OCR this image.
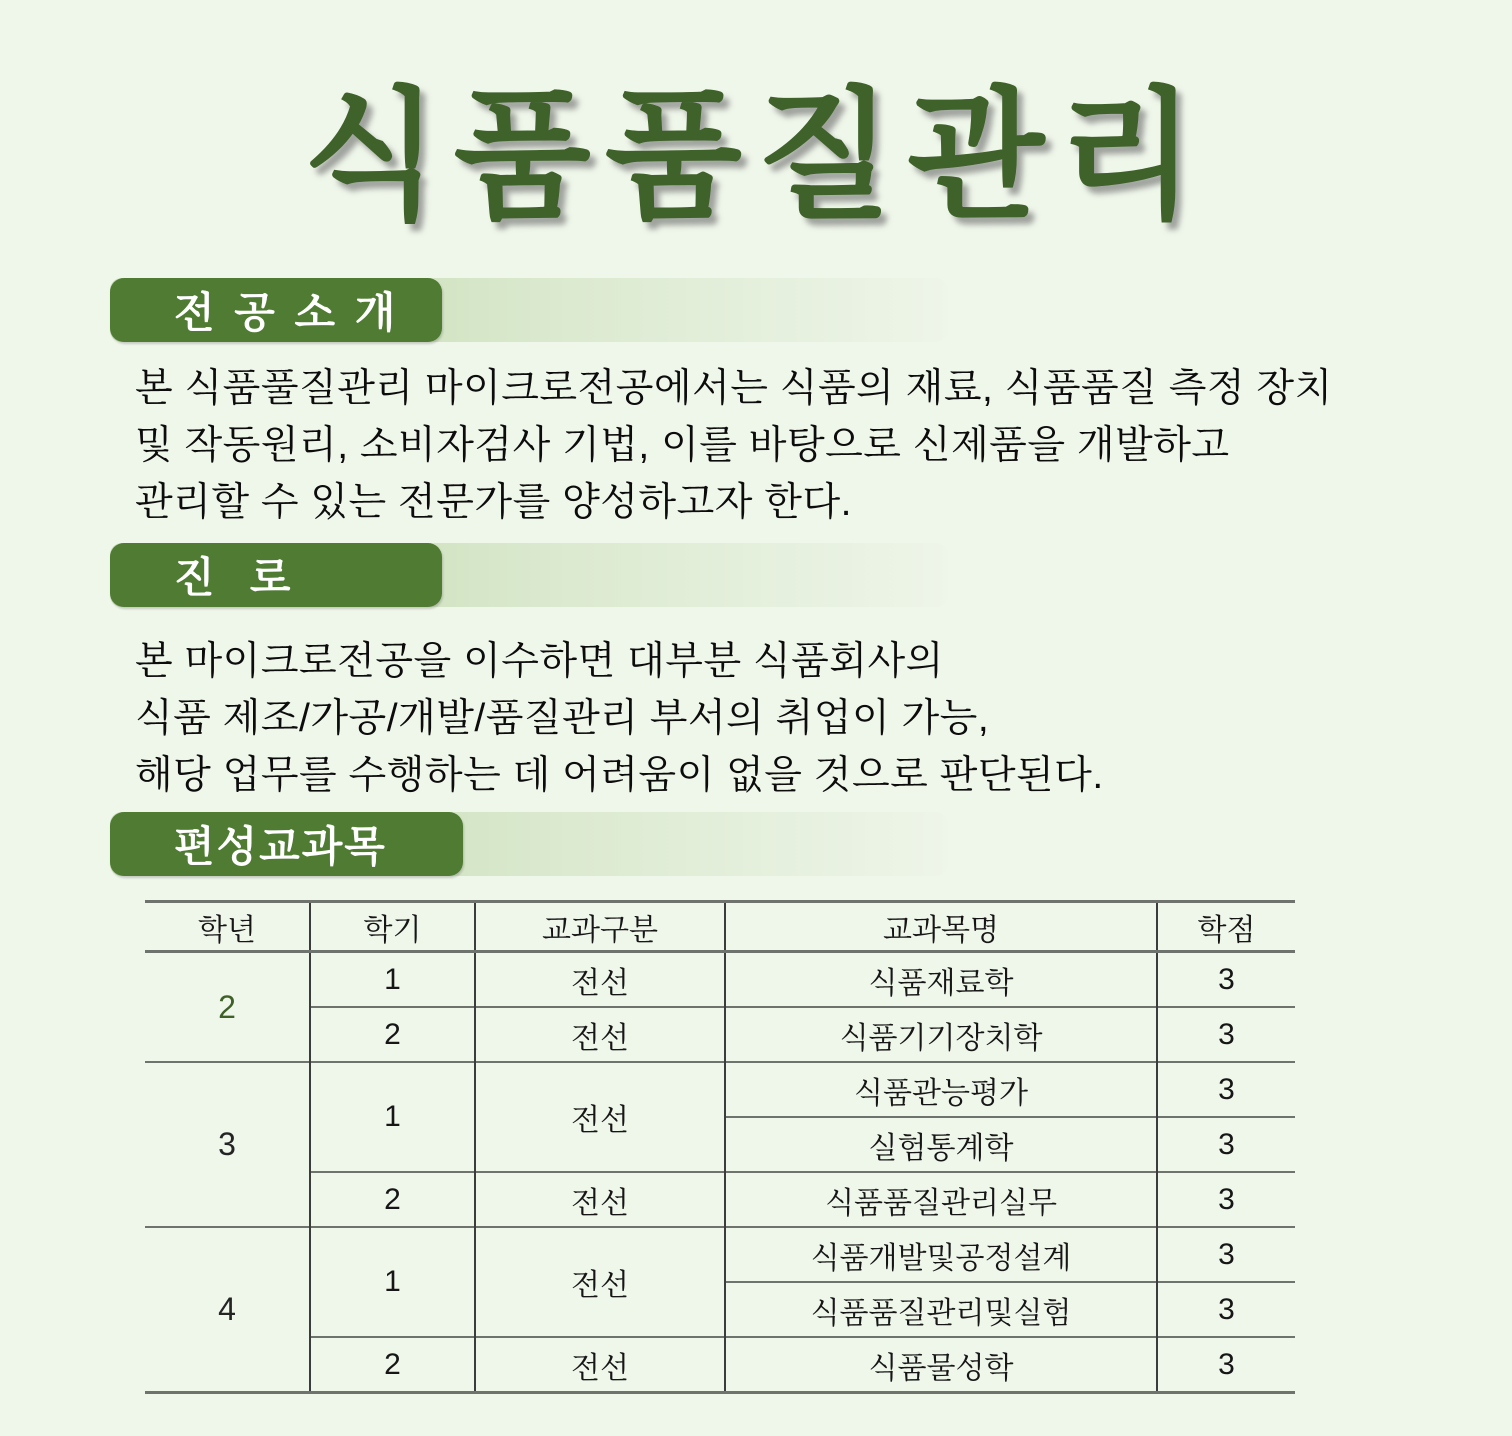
식품품질관리
전 공 소 개
본 식품풀질관리 마이크로전공에서는 식품의 재료, 식품품질 측정 장치
및 작동원리, 소비자검사 기법, 이를 바탕으로 신제품을 개발하고
관리할 수 있는 전문가를 양성하고자 한다.
진  로
본 마이크로전공을 이수하면 대부분 식품회사의
식품 제조/가공/개발/품질관리 부서의 취업이 가능,
해당 업무를 수행하는 데 어려움이 없을 것으로 판단된다.
편성교과목
학년	학기	교과구분	교과목명	학점
2	1	전선	식품재료학	3
	2	전선	식품기기장치학	3
3	1	전선	식품관능평가	3
			실험통계학	3
	2	전선	식품품질관리실무	3
4	1	전선	식품개발및공정설계	3
			식품품질관리및실험	3
	2	전선	식품물성학	3
